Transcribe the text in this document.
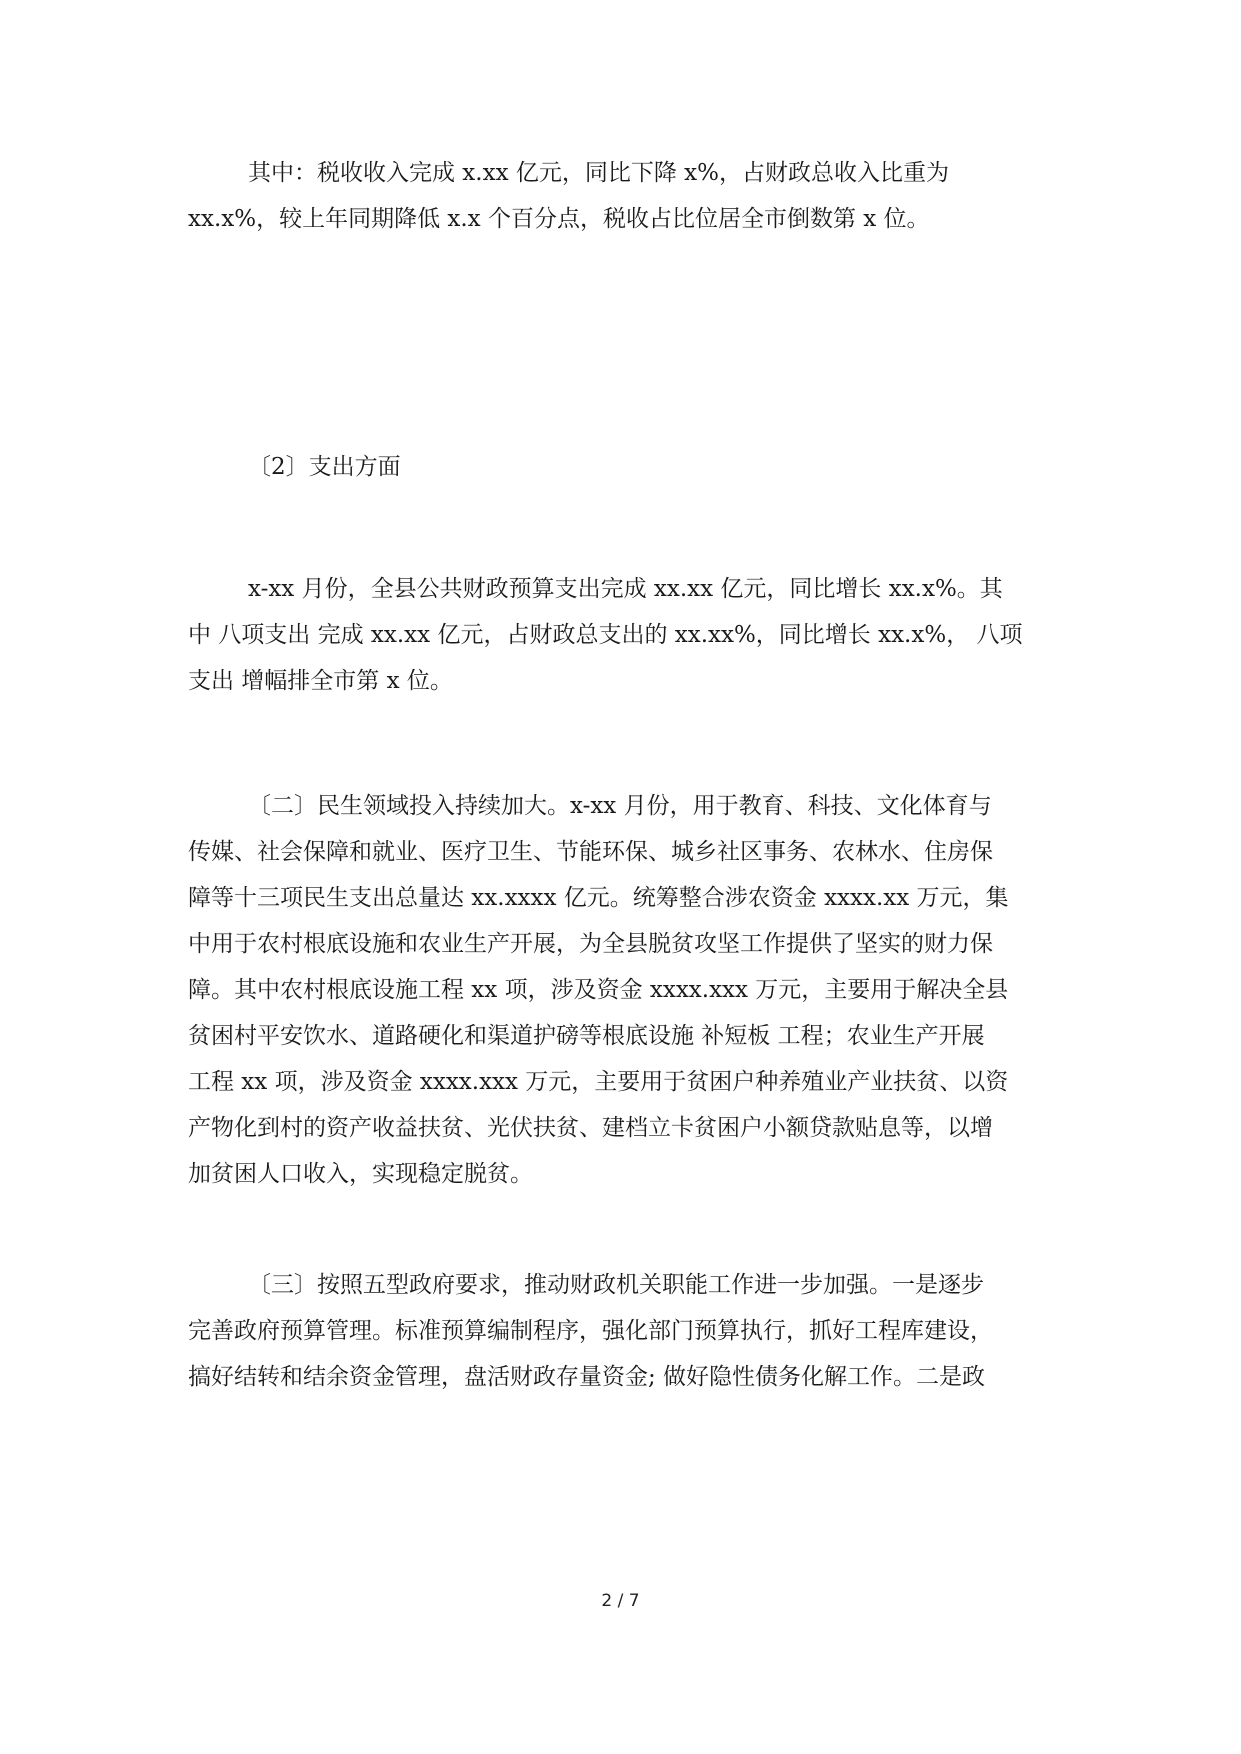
其中：税收收入完成 x.xx 亿元，同比下降 x%，占财政总收入比重为
xx.x%，较上年同期降低 x.x 个百分点，税收占比位居全市倒数第 x 位。
〔2〕支出方面
x-xx 月份，全县公共财政预算支出完成 xx.xx 亿元，同比增长 xx.x%。其
中 八项支出 完成 xx.xx 亿元，占财政总支出的 xx.xx%，同比增长 xx.x%， 八项
支出 增幅排全市第 x 位。
〔二〕民生领域投入持续加大。x-xx 月份，用于教育、科技、文化体育与
传媒、社会保障和就业、医疗卫生、节能环保、城乡社区事务、农林水、住房保
障等十三项民生支出总量达 xx.xxxx 亿元。统筹整合涉农资金 xxxx.xx 万元，集
中用于农村根底设施和农业生产开展，为全县脱贫攻坚工作提供了坚实的财力保
障。其中农村根底设施工程 xx 项，涉及资金 xxxx.xxx 万元，主要用于解决全县
贫困村平安饮水、道路硬化和渠道护磅等根底设施 补短板 工程；农业生产开展
工程 xx 项，涉及资金 xxxx.xxx 万元，主要用于贫困户种养殖业产业扶贫、以资
产物化到村的资产收益扶贫、光伏扶贫、建档立卡贫困户小额贷款贴息等，以增
加贫困人口收入，实现稳定脱贫。
〔三〕按照五型政府要求，推动财政机关职能工作进一步加强。一是逐步
完善政府预算管理。标准预算编制程序，强化部门预算执行，抓好工程库建设，
搞好结转和结余资金管理，盘活财政存量资金; 做好隐性债务化解工作。二是政
2 / 7
